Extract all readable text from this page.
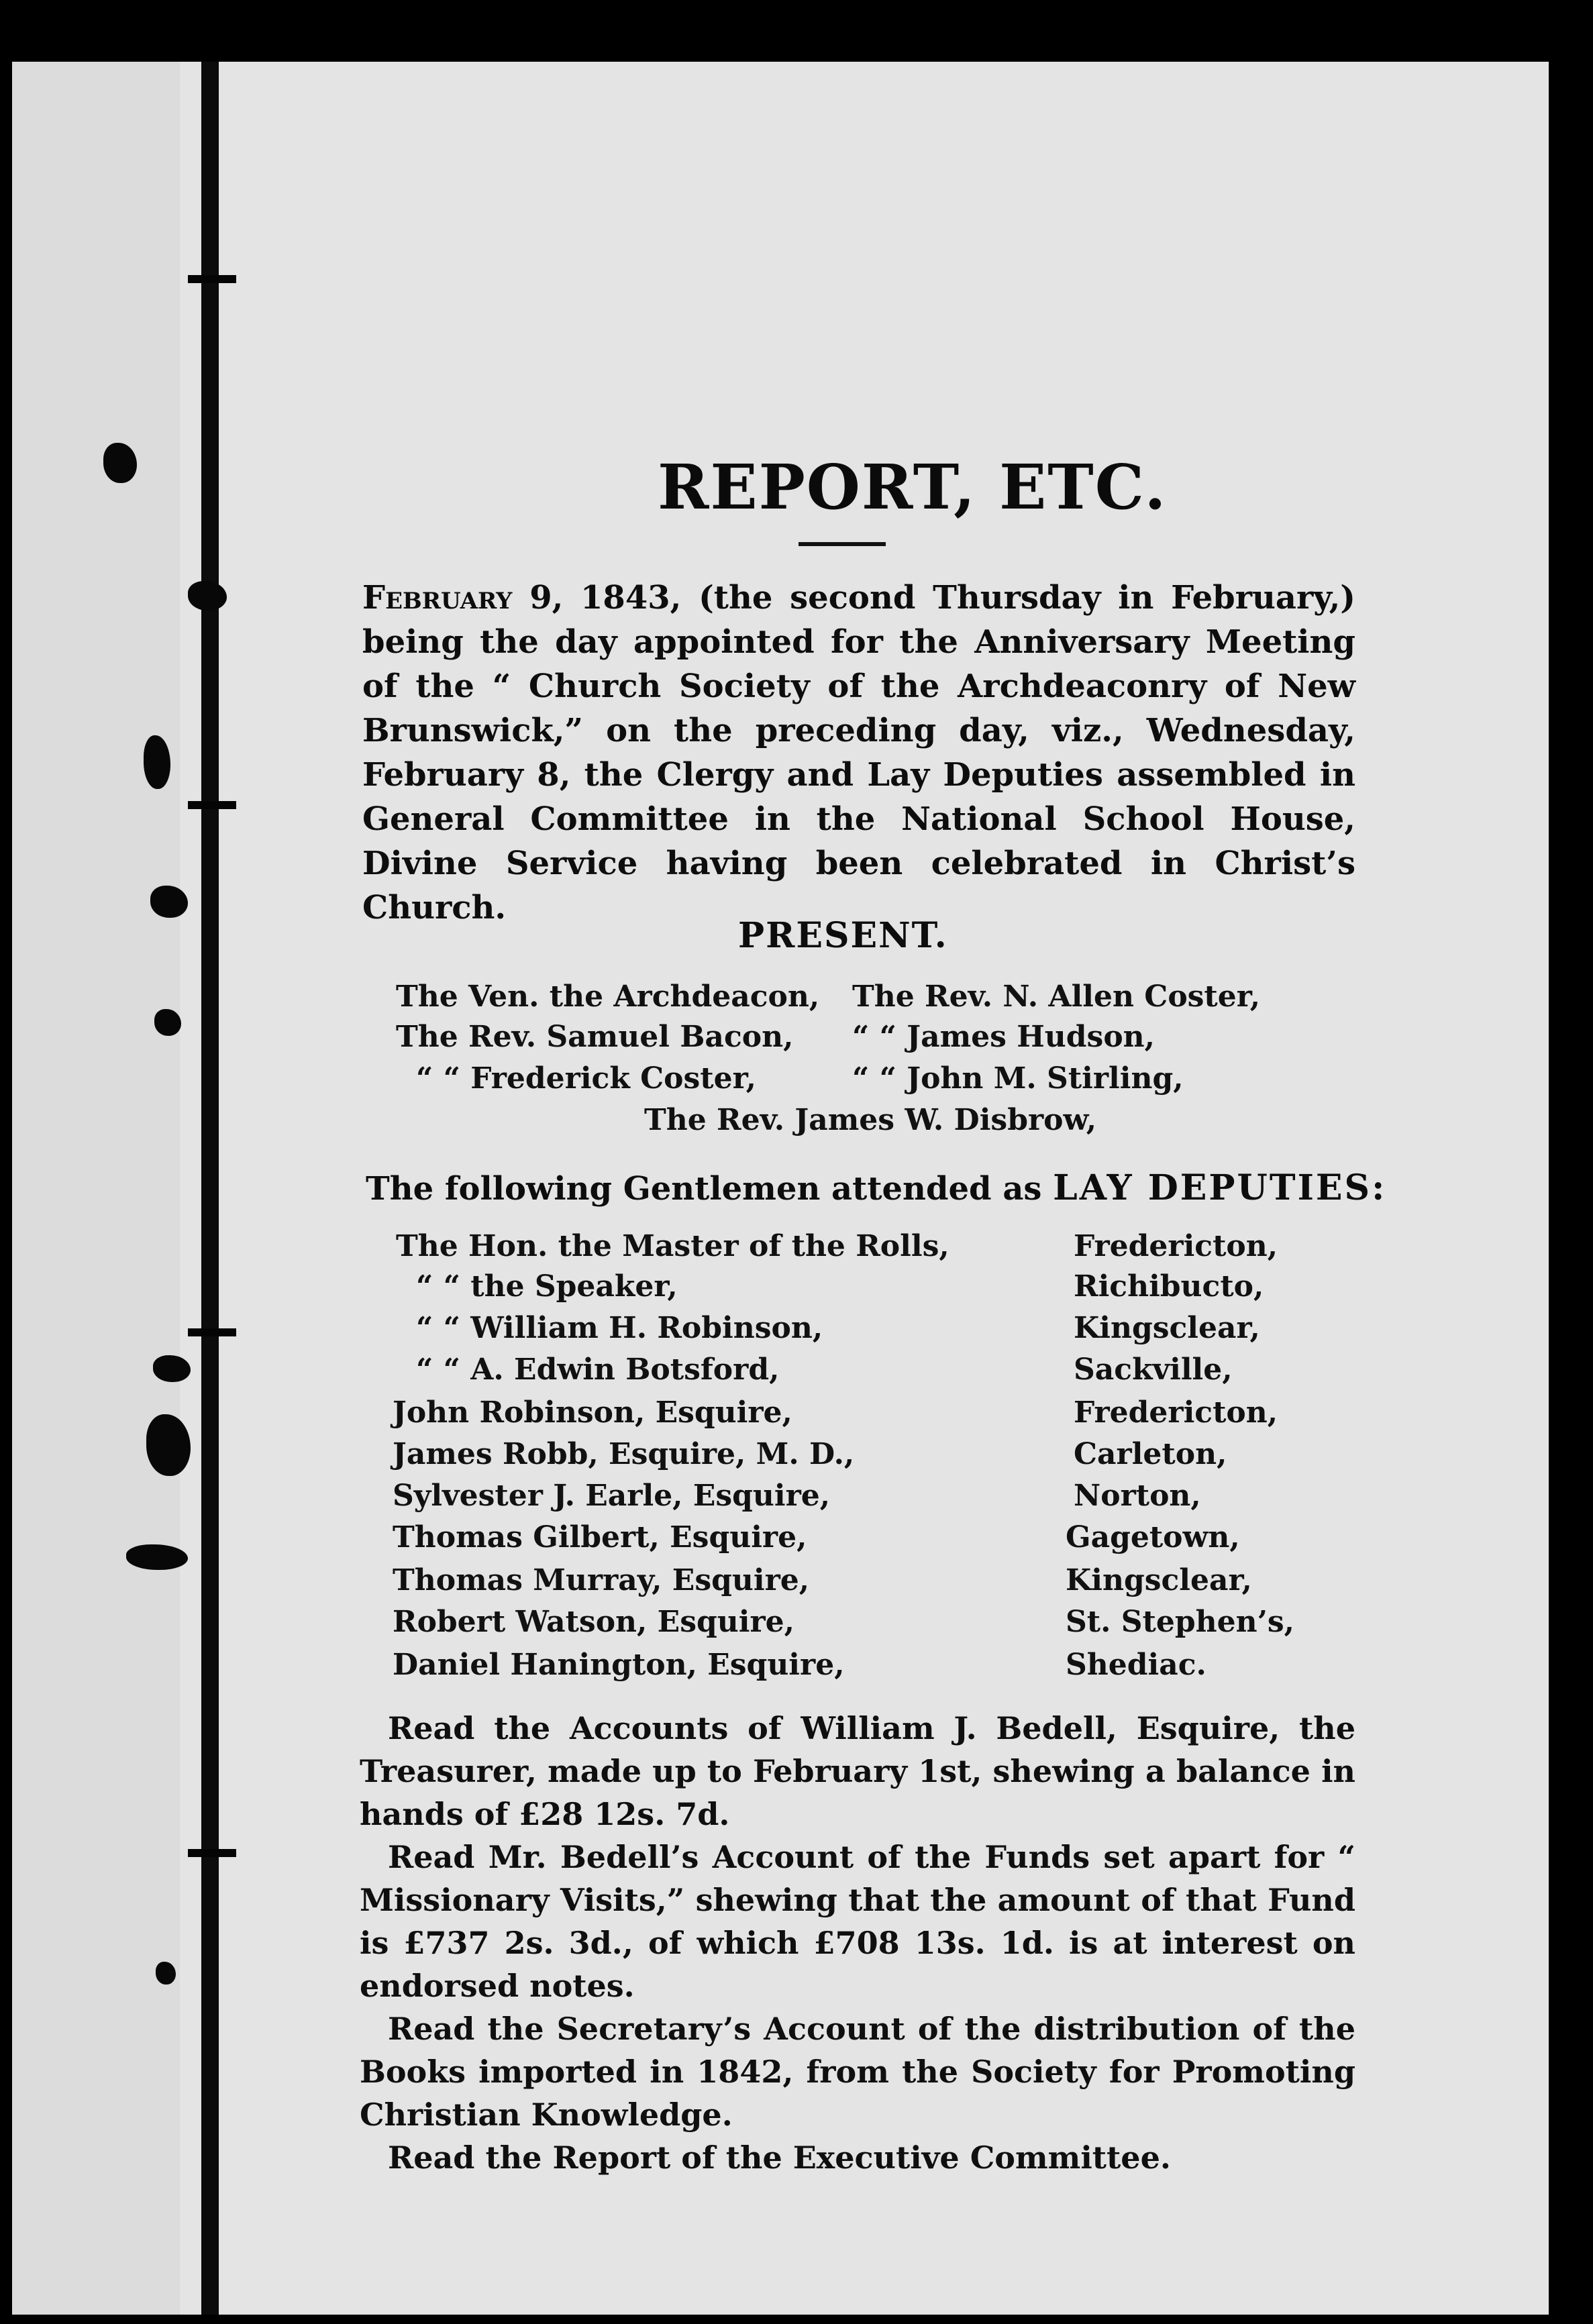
REPORT, ETC.
February 9, 1843, (the second Thursday in February,) being the day appointed for the Anniversary Meeting of the “ Church Society of the Archdeaconry of New Brunswick,” on the preceding day, viz., Wednesday, February 8, the Clergy and Lay Deputies assembled in General Committee in the National School House, Divine Service having been celebrated in Christ’s Church.
PRESENT.
The Ven. the Archdeacon, The Rev. N. Allen Coster,
The Rev. Samuel Bacon, “ “ James Hudson,
“ “ Frederick Coster,	“ “ John M. Stirling,
The Rev. James W. Disbrow,
The following Gentlemen attended as LAY DEPUTIES:
The Hon. the Master of the Rolls,	Fredericton,
“ “ the Speaker,	Richibucto,
“ “ William H. Robinson,	Kingsclear,
“ “ A. Edwin Botsford,	Sackville,
John Robinson, Esquire,	Fredericton,
James Robb, Esquire, M. D.,	Carleton,
Sylvester J. Earle, Esquire,	Norton,
Thomas Gilbert, Esquire,	Gagetown,
Thomas Murray, Esquire,	Kingsclear,
Robert Watson, Esquire,	St. Stephen’s,
Daniel Hanington, Esquire,	Shediac.

Read the Accounts of William J. Bedell, Esquire, the Treasurer, made up to February 1st, shewing a balance in hands of £28 12s. 7d.

Read Mr. Bedell’s Account of the Funds set apart for “ Missionary Visits,” shewing that the amount of that Fund is £737 2s. 3d., of which £708 13s. 1d. is at interest on endorsed notes.

Read the Secretary’s Account of the distribution of the Books imported in 1842, from the Society for Promoting Christian Knowledge.

Read the Report of the Executive Committee.
